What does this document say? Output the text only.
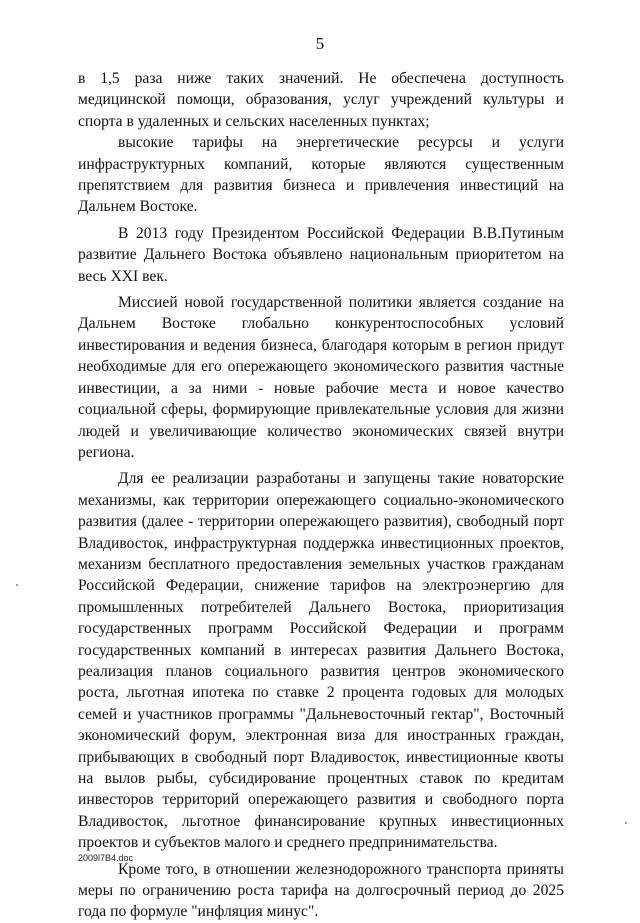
5

в 1,5 раза ниже таких значений. Не обеспечена доступность медицинской помощи, образования, услуг учреждений культуры и спорта в удаленных и сельских населенных пунктах;

высокие тарифы на энергетические ресурсы и услуги инфраструктурных компаний, которые являются существенным препятствием для развития бизнеса и привлечения инвестиций на Дальнем Востоке.

В 2013 году Президентом Российской Федерации В.В.Путиным развитие Дальнего Востока объявлено национальным приоритетом на весь XXI век.

Миссией новой государственной политики является создание на Дальнем Востоке глобально конкурентоспособных условий инвестирования и ведения бизнеса, благодаря которым в регион придут необходимые для его опережающего экономического развития частные инвестиции, а за ними - новые рабочие места и новое качество социальной сферы, формирующие привлекательные условия для жизни людей и увеличивающие количество экономических связей внутри региона.

Для ее реализации разработаны и запущены такие новаторские механизмы, как территории опережающего социально-экономического развития (далее - территории опережающего развития), свободный порт Владивосток, инфраструктурная поддержка инвестиционных проектов, механизм бесплатного предоставления земельных участков гражданам Российской Федерации, снижение тарифов на электроэнергию для промышленных потребителей Дальнего Востока, приоритизация государственных программ Российской Федерации и программ государственных компаний в интересах развития Дальнего Востока, реализация планов социального развития центров экономического роста, льготная ипотека по ставке 2 процента годовых для молодых семей и участников программы "Дальневосточный гектар", Восточный экономический форум, электронная виза для иностранных граждан, прибывающих в свободный порт Владивосток, инвестиционные квоты на вылов рыбы, субсидирование процентных ставок по кредитам инвесторов территорий опережающего развития и свободного порта Владивосток, льготное финансирование крупных инвестиционных проектов и субъектов малого и среднего предпринимательства.

Кроме того, в отношении железнодорожного транспорта приняты меры по ограничению роста тарифа на долгосрочный период до 2025 года по формуле "инфляция минус".

2009l7B4.doc
